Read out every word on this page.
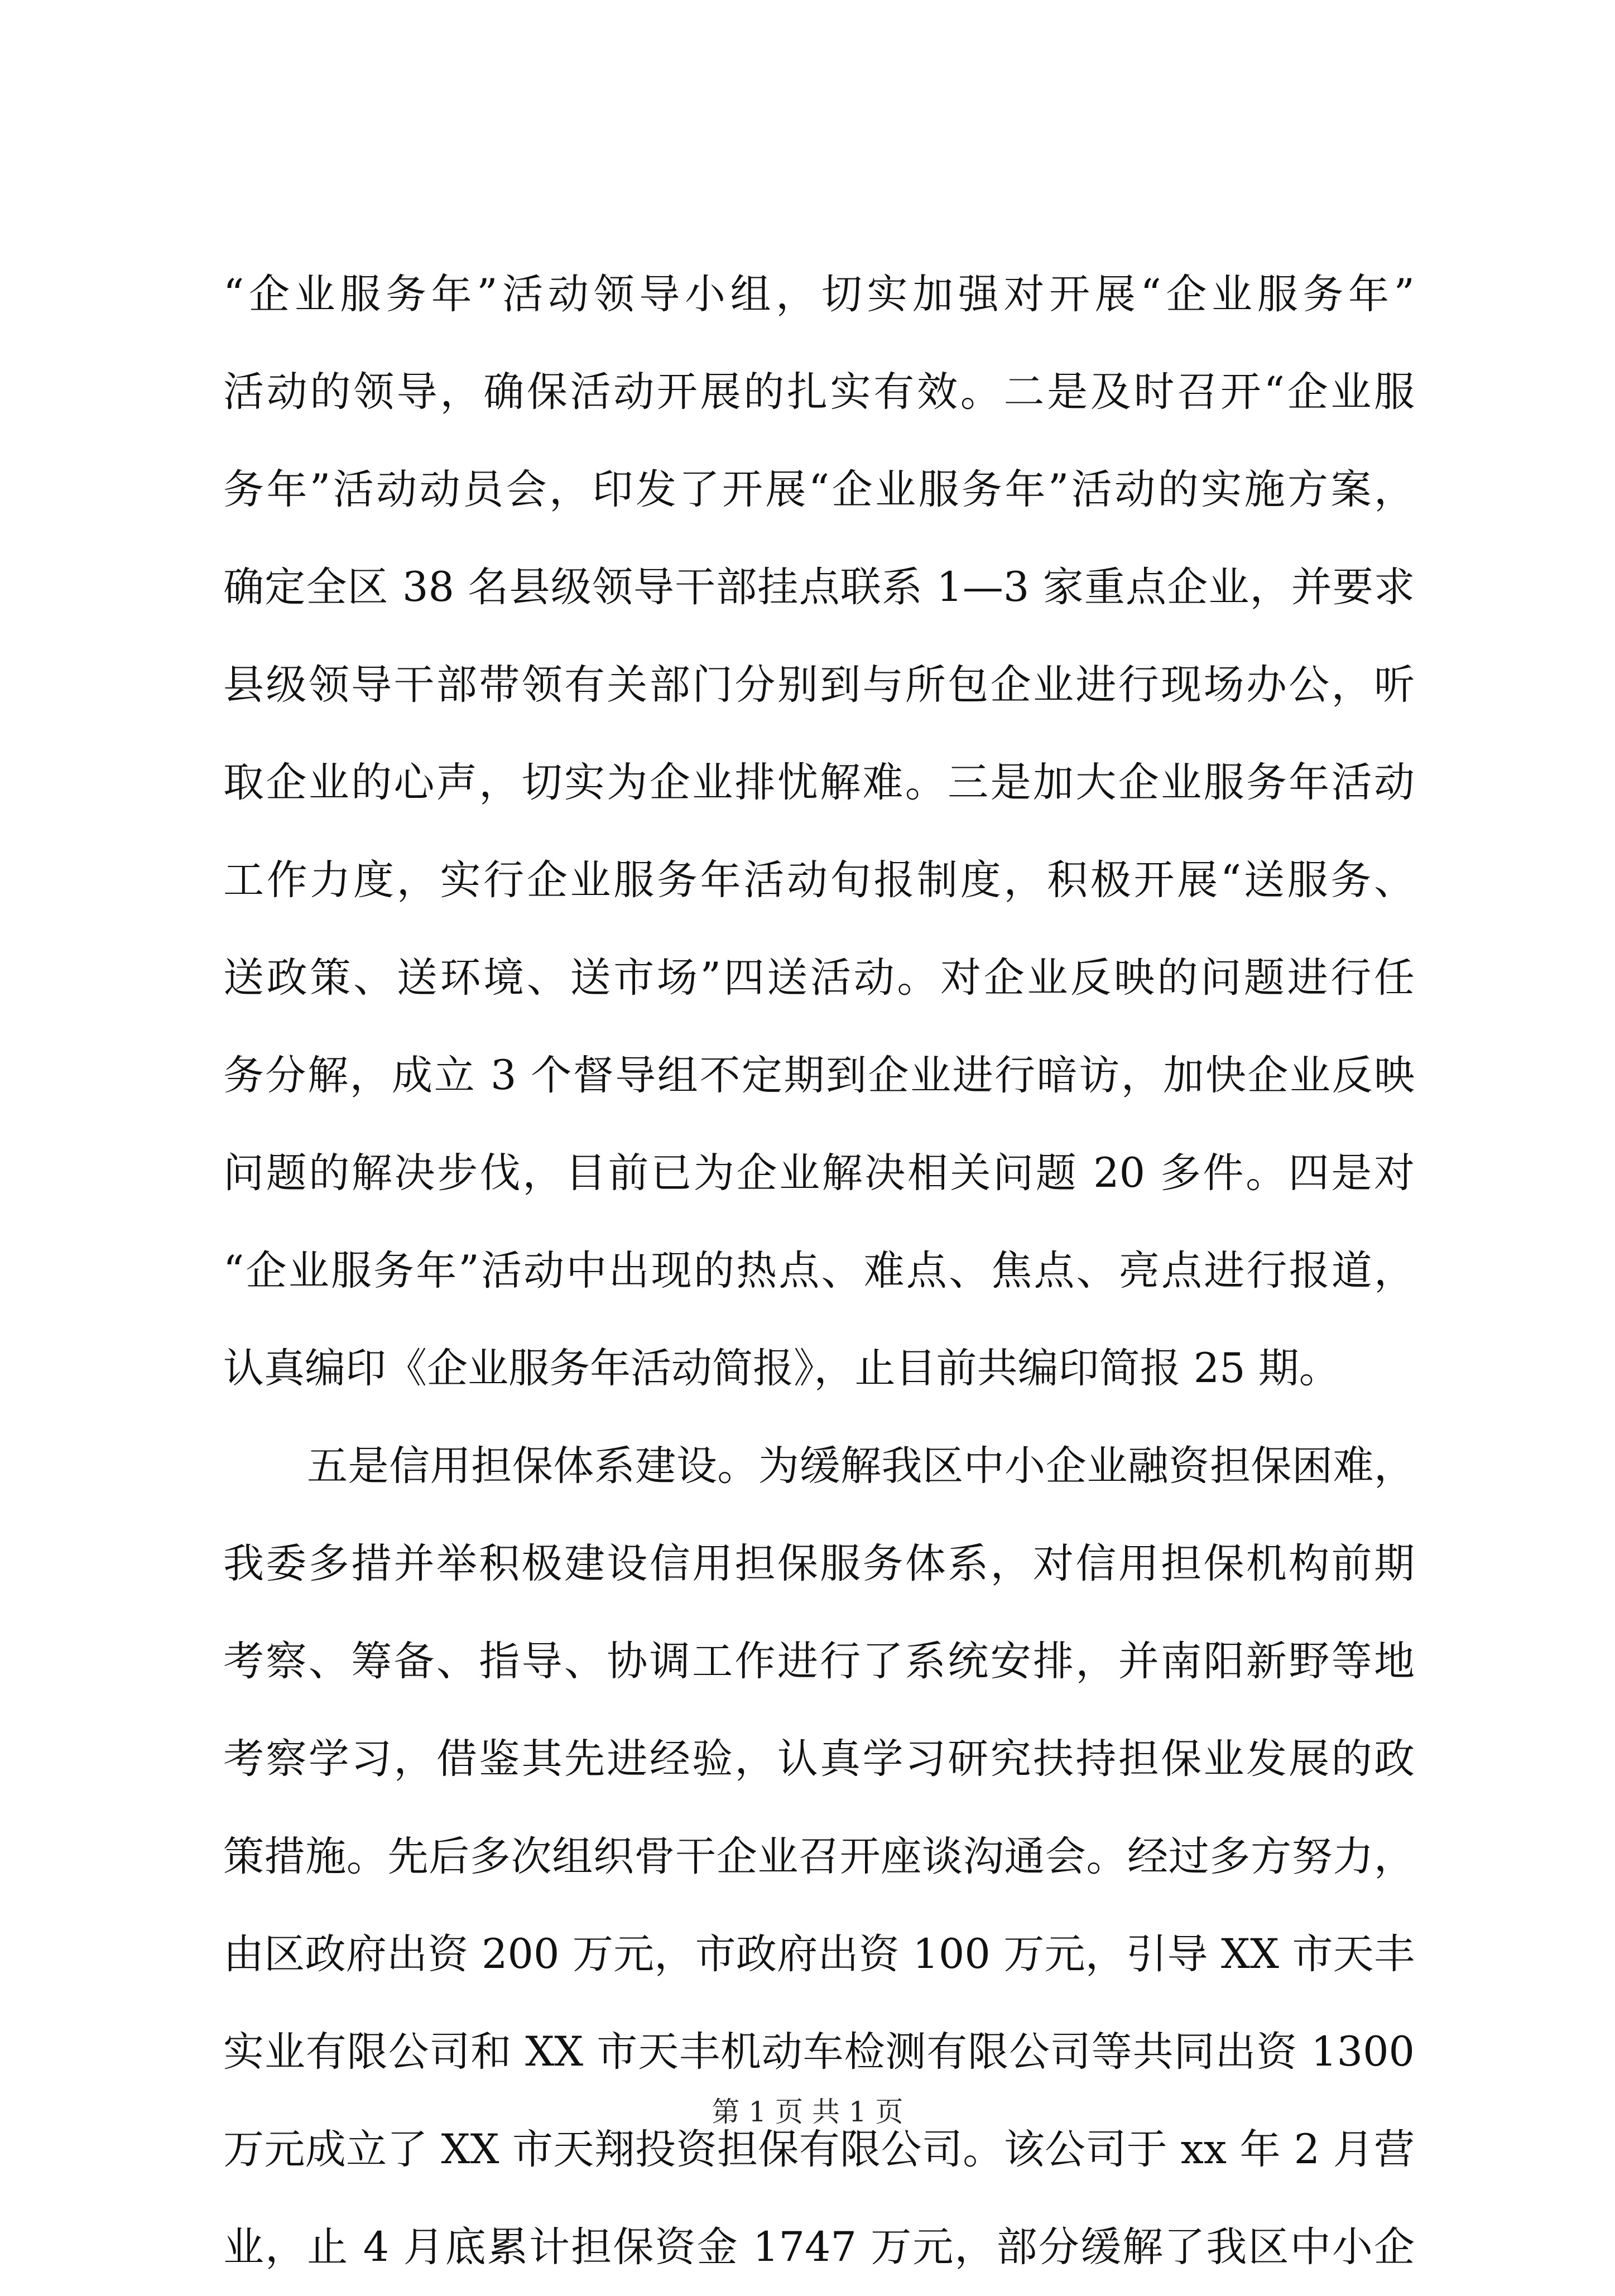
“企业服务年”活动领导小组，切实加强对开展“企业服务年”
活动的领导，确保活动开展的扎实有效。二是及时召开“企业服
务年”活动动员会，印发了开展“企业服务年”活动的实施方案，
确定全区 38 名县级领导干部挂点联系 1—3 家重点企业，并要求
县级领导干部带领有关部门分别到与所包企业进行现场办公，听
取企业的心声，切实为企业排忧解难。三是加大企业服务年活动
工作力度，实行企业服务年活动旬报制度，积极开展“送服务、
送政策、送环境、送市场”四送活动。对企业反映的问题进行任
务分解，成立 3 个督导组不定期到企业进行暗访，加快企业反映
问题的解决步伐，目前已为企业解决相关问题 20 多件。四是对
“企业服务年”活动中出现的热点、难点、焦点、亮点进行报道，
认真编印《企业服务年活动简报》，止目前共编印简报 25 期。
五是信用担保体系建设。为缓解我区中小企业融资担保困难，
我委多措并举积极建设信用担保服务体系，对信用担保机构前期
考察、筹备、指导、协调工作进行了系统安排，并南阳新野等地
考察学习，借鉴其先进经验，认真学习研究扶持担保业发展的政
策措施。先后多次组织骨干企业召开座谈沟通会。经过多方努力，
由区政府出资 200 万元，市政府出资 100 万元，引导 XX 市天丰
实业有限公司和 XX 市天丰机动车检测有限公司等共同出资 1300
万元成立了 XX 市天翔投资担保有限公司。该公司于 xx 年 2 月营
业，止 4 月底累计担保资金 1747 万元，部分缓解了我区中小企
第 1 页 共 1 页
